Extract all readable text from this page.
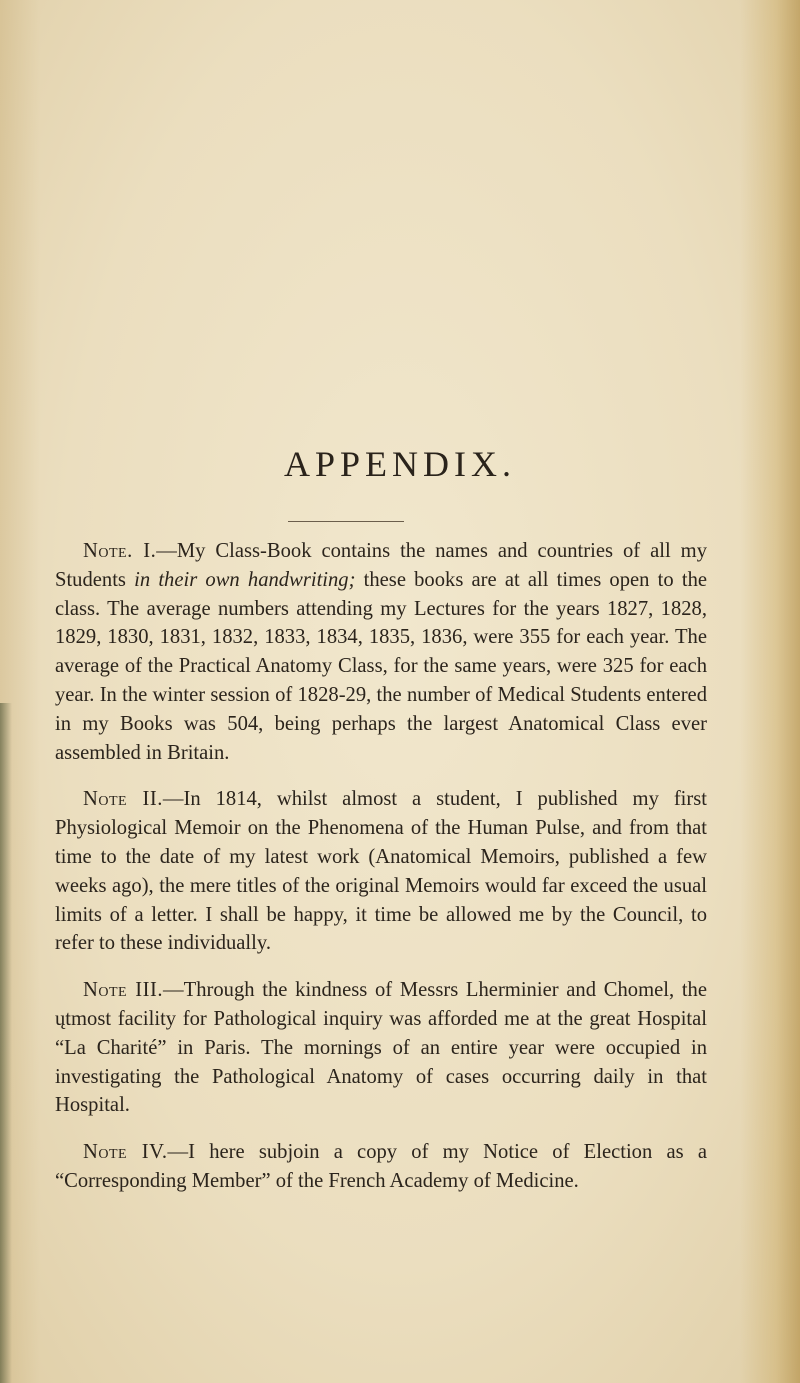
APPENDIX.

Note. I.—My Class-Book contains the names and countries of all my Students in their own handwriting; these books are at all times open to the class. The average numbers attending my Lectures for the years 1827, 1828, 1829, 1830, 1831, 1832, 1833, 1834, 1835, 1836, were 355 for each year. The average of the Practical Anatomy Class, for the same years, were 325 for each year. In the winter session of 1828-29, the number of Medical Students entered in my Books was 504, being perhaps the largest Anatomical Class ever assembled in Britain.

Note II.—In 1814, whilst almost a student, I published my first Physiological Memoir on the Phenomena of the Human Pulse, and from that time to the date of my latest work (Anatomical Memoirs, published a few weeks ago), the mere titles of the original Memoirs would far exceed the usual limits of a letter. I shall be happy, it time be allowed me by the Council, to refer to these individually.

Note III.—Through the kindness of Messrs Lherminier and Chomel, the ųtmost facility for Pathological inquiry was afforded me at the great Hospital “La Charité” in Paris. The mornings of an entire year were occupied in investigating the Pathological Anatomy of cases occurring daily in that Hospital.

Note IV.—I here subjoin a copy of my Notice of Election as a “Corresponding Member” of the French Academy of Medicine.
